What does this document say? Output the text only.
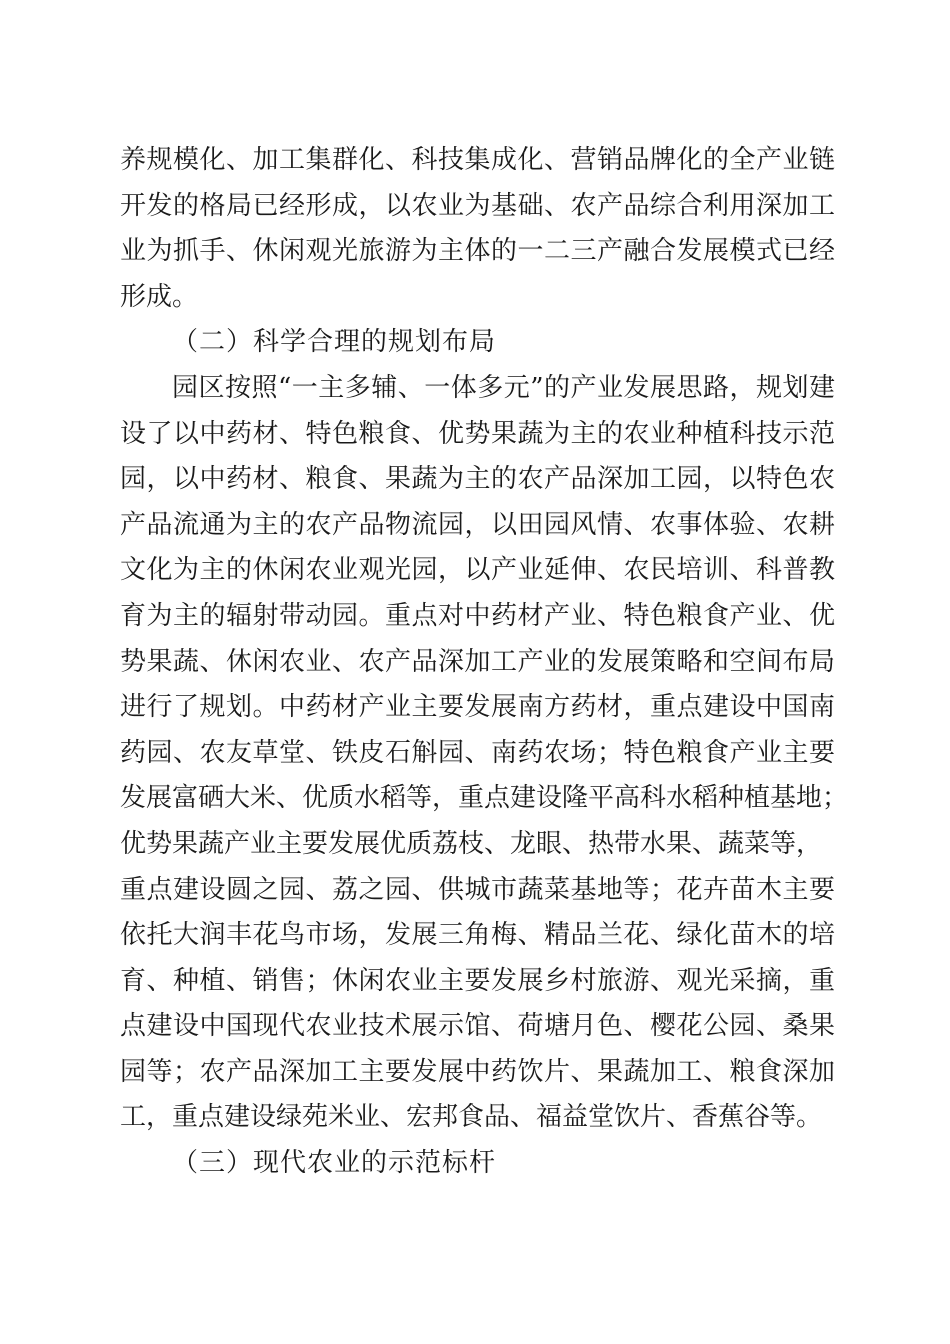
养规模化、加工集群化、科技集成化、营销品牌化的全产业链

开发的格局已经形成，以农业为基础、农产品综合利用深加工

业为抓手、休闲观光旅游为主体的一二三产融合发展模式已经

形成。

（二）科学合理的规划布局

园区按照“一主多辅、一体多元”的产业发展思路，规划建

设了以中药材、特色粮食、优势果蔬为主的农业种植科技示范

园，以中药材、粮食、果蔬为主的农产品深加工园，以特色农

产品流通为主的农产品物流园，以田园风情、农事体验、农耕

文化为主的休闲农业观光园，以产业延伸、农民培训、科普教

育为主的辐射带动园。重点对中药材产业、特色粮食产业、优

势果蔬、休闲农业、农产品深加工产业的发展策略和空间布局

进行了规划。中药材产业主要发展南方药材，重点建设中国南

药园、农友草堂、铁皮石斛园、南药农场；特色粮食产业主要

发展富硒大米、优质水稻等，重点建设隆平高科水稻种植基地；

优势果蔬产业主要发展优质荔枝、龙眼、热带水果、蔬菜等，

重点建设圆之园、荔之园、供城市蔬菜基地等；花卉苗木主要

依托大润丰花鸟市场，发展三角梅、精品兰花、绿化苗木的培

育、种植、销售；休闲农业主要发展乡村旅游、观光采摘，重

点建设中国现代农业技术展示馆、荷塘月色、樱花公园、桑果

园等；农产品深加工主要发展中药饮片、果蔬加工、粮食深加

工，重点建设绿苑米业、宏邦食品、福益堂饮片、香蕉谷等。

（三）现代农业的示范标杆
